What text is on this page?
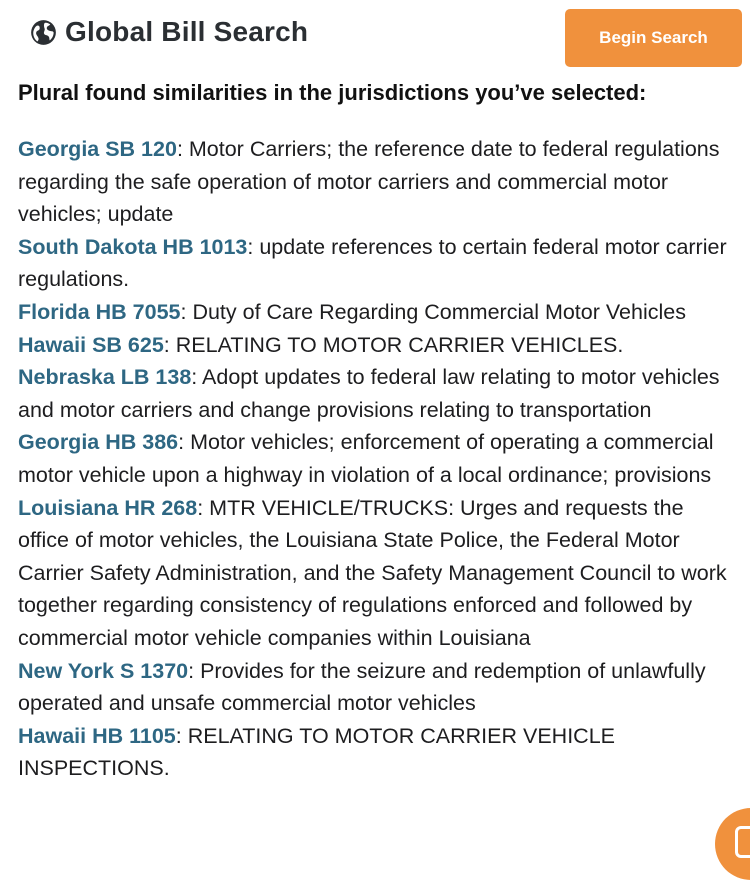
Global Bill Search	Begin Search
Plural found similarities in the jurisdictions you’ve selected:

Georgia SB 120: Motor Carriers; the reference date to federal regulations regarding the safe operation of motor carriers and commercial motor vehicles; update

South Dakota HB 1013: update references to certain federal motor carrier regulations.

Florida HB 7055: Duty of Care Regarding Commercial Motor Vehicles

Hawaii SB 625: RELATING TO MOTOR CARRIER VEHICLES.

Nebraska LB 138: Adopt updates to federal law relating to motor vehicles and motor carriers and change provisions relating to transportation

Georgia HB 386: Motor vehicles; enforcement of operating a commercial motor vehicle upon a highway in violation of a local ordinance; provisions

Louisiana HR 268: MTR VEHICLE/TRUCKS: Urges and requests the office of motor vehicles, the Louisiana State Police, the Federal Motor Carrier Safety Administration, and the Safety Management Council to work together regarding consistency of regulations enforced and followed by commercial motor vehicle companies within Louisiana

New York S 1370: Provides for the seizure and redemption of unlawfully operated and unsafe commercial motor vehicles

Hawaii HB 1105: RELATING TO MOTOR CARRIER VEHICLE INSPECTIONS.
